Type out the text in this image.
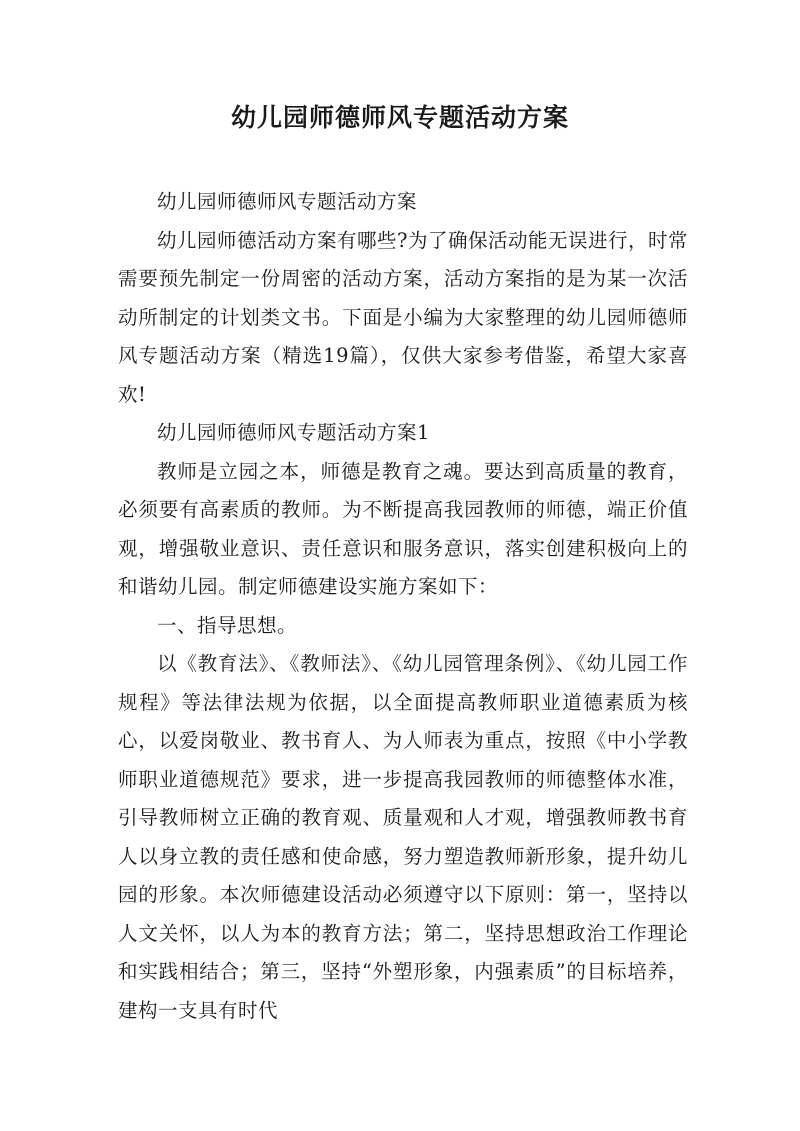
幼儿园师德师风专题活动方案

幼儿园师德师风专题活动方案

幼儿园师德活动方案有哪些?为了确保活动能无误进行，时常需要预先制定一份周密的活动方案，活动方案指的是为某一次活动所制定的计划类文书。下面是小编为大家整理的幼儿园师德师风专题活动方案（精选19篇），仅供大家参考借鉴，希望大家喜欢!

幼儿园师德师风专题活动方案1

教师是立园之本，师德是教育之魂。要达到高质量的教育，必须要有高素质的教师。为不断提高我园教师的师德，端正价值观，增强敬业意识、责任意识和服务意识，落实创建积极向上的和谐幼儿园。制定师德建设实施方案如下：

一、指导思想。

以《教育法》、《教师法》、《幼儿园管理条例》、《幼儿园工作规程》等法律法规为依据，以全面提高教师职业道德素质为核心，以爱岗敬业、教书育人、为人师表为重点，按照《中小学教师职业道德规范》要求，进一步提高我园教师的师德整体水准，引导教师树立正确的教育观、质量观和人才观，增强教师教书育人以身立教的责任感和使命感，努力塑造教师新形象，提升幼儿园的形象。本次师德建设活动必须遵守以下原则：第一，坚持以人文关怀，以人为本的教育方法；第二，坚持思想政治工作理论和实践相结合；第三，坚持“外塑形象，内强素质”的目标培养，建构一支具有时代
